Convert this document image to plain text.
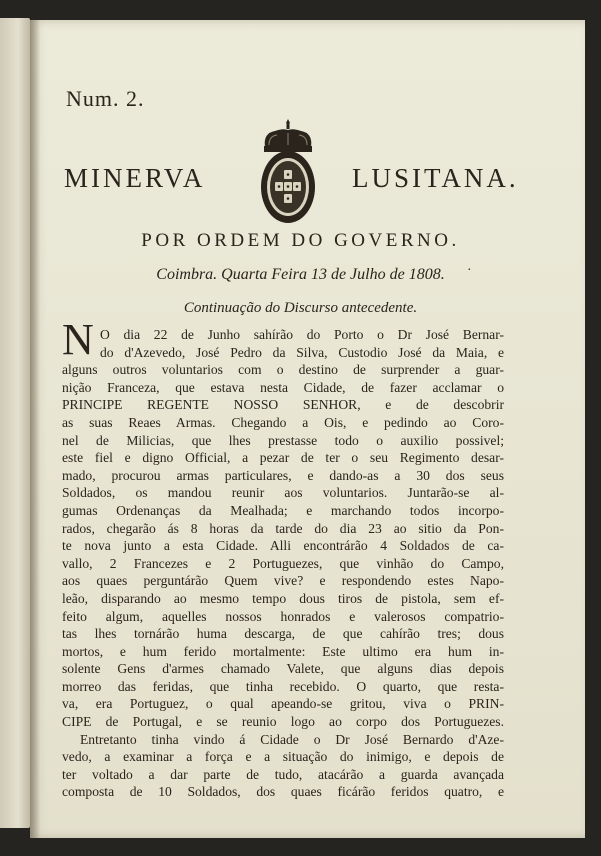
Num. 2.
MINERVA	LUSITANA.
POR ORDEM DO GOVERNO.
Coimbra. Quarta Feira 13 de Julho de 1808.	·
Continuação do Discurso antecedente.
N O dia 22 de Junho sahírão do Porto o Dr José Bernar-

do d'Azevedo, José Pedro da Silva, Custodio José da Maia, e

alguns outros voluntarios com o destino de surprender a guar-

nição Franceza, que estava nesta Cidade, de fazer acclamar o

PRINCIPE REGENTE NOSSO SENHOR, e de descobrir

as suas Reaes Armas. Chegando a Ois, e pedindo ao Coro-

nel de Milicias, que lhes prestasse todo o auxilio possivel;

este fiel e digno Official, a pezar de ter o seu Regimento desar-

mado, procurou armas particulares, e dando-as a 30 dos seus

Soldados, os mandou reunir aos voluntarios. Juntarão-se al-

gumas Ordenanças da Mealhada; e marchando todos incorpo-

rados, chegarão ás 8 horas da tarde do dia 23 ao sitio da Pon-

te nova junto a esta Cidade. Alli encontrárão 4 Soldados de ca-

vallo, 2 Francezes e 2 Portuguezes, que vinhão do Campo,

aos quaes perguntárão Quem vive? e respondendo estes Napo-

leão, disparando ao mesmo tempo dous tiros de pistola, sem ef-

feito algum, aquelles nossos honrados e valerosos compatrio-

tas lhes tornárão huma descarga, de que cahírão tres; dous

mortos, e hum ferido mortalmente: Este ultimo era hum in-

solente Gens d'armes chamado Valete, que alguns dias depois

morreo das feridas, que tinha recebido. O quarto, que resta-

va, era Portuguez, o qual apeando-se gritou, viva o PRIN-

CIPE de Portugal, e se reunio logo ao corpo dos Portuguezes.

Entretanto tinha vindo á Cidade o Dr José Bernardo d'Aze-

vedo, a examinar a força e a situação do inimigo, e depois de

ter voltado a dar parte de tudo, atacárão a guarda avançada

composta de 10 Soldados, dos quaes ficárão feridos quatro, e
